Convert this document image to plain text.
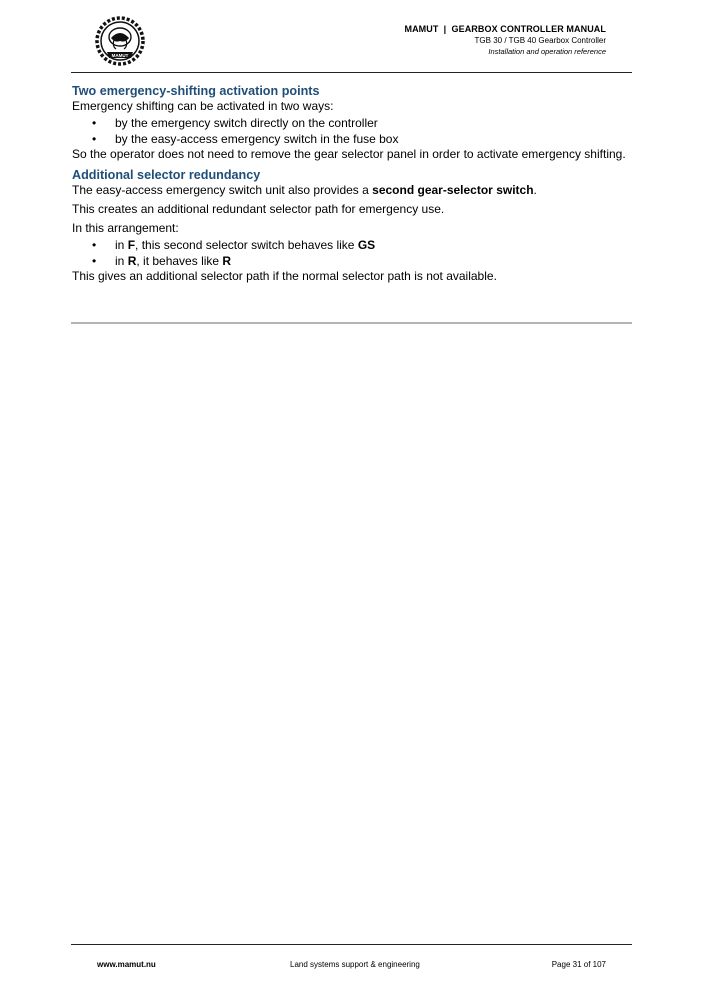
MAMUT
MAMUT | GEARBOX CONTROLLER MANUAL
TGB 30 / TGB 40 Gearbox Controller
Installation and operation reference
Two emergency-shifting activation points

Emergency shifting can be activated in two ways:

• by the emergency switch directly on the controller
• by the easy-access emergency switch in the fuse box

So the operator does not need to remove the gear selector panel in order to activate emergency shifting.

Additional selector redundancy

The easy-access emergency switch unit also provides a second gear-selector switch.

This creates an additional redundant selector path for emergency use.

In this arrangement:

• in F, this second selector switch behaves like GS
• in R, it behaves like R

This gives an additional selector path if the normal selector path is not available.

www.mamut.nu	Land systems support & engineering	Page 31 of 107
